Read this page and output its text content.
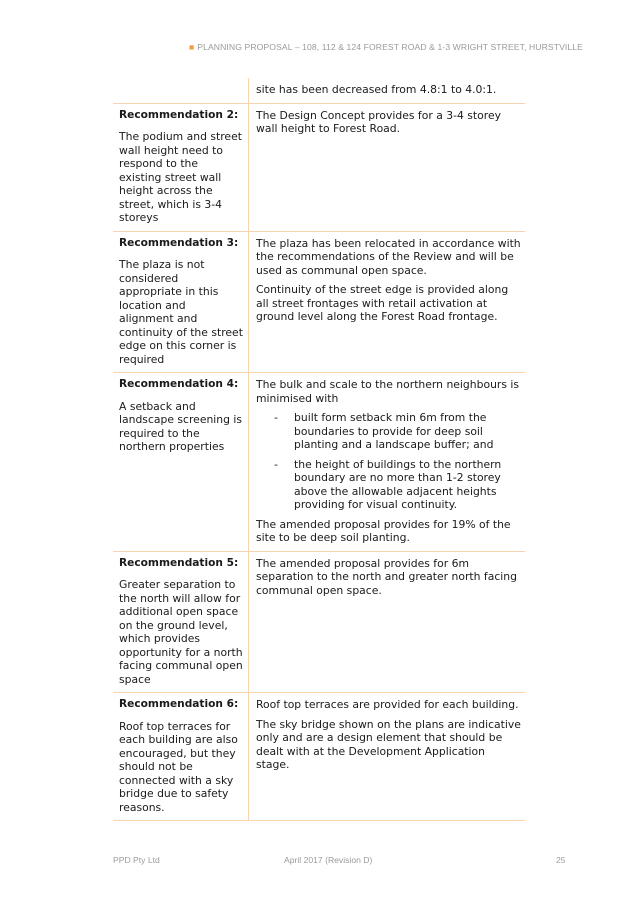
■ PLANNING PROPOSAL – 108, 112 & 124 FOREST ROAD & 1-3 WRIGHT STREET, HURSTVILLE

site has been decreased from 4.8:1 to 4.0:1.

Recommendation 2:

The podium and street wall height need to respond to the existing street wall height across the street, which is 3-4 storeys

The Design Concept provides for a 3-4 storey wall height to Forest Road.

Recommendation 3:

The plaza is not considered appropriate in this location and alignment and continuity of the street edge on this corner is required

The plaza has been relocated in accordance with the recommendations of the Review and will be used as communal open space.

Continuity of the street edge is provided along all street frontages with retail activation at ground level along the Forest Road frontage.

Recommendation 4:

A setback and landscape screening is required to the northern properties

The bulk and scale to the northern neighbours is minimised with

- built form setback min 6m from the boundaries to provide for deep soil planting and a landscape buffer; and
- the height of buildings to the northern boundary are no more than 1-2 storey above the allowable adjacent heights providing for visual continuity.

The amended proposal provides for 19% of the site to be deep soil planting.

Recommendation 5:

Greater separation to the north will allow for additional open space on the ground level, which provides opportunity for a north facing communal open space

The amended proposal provides for 6m separation to the north and greater north facing communal open space.

Recommendation 6:

Roof top terraces for each building are also encouraged, but they should not be connected with a sky bridge due to safety reasons.

Roof top terraces are provided for each building.

The sky bridge shown on the plans are indicative only and are a design element that should be dealt with at the Development Application stage.

PPD Pty Ltd	April 2017 (Revision D)	25
